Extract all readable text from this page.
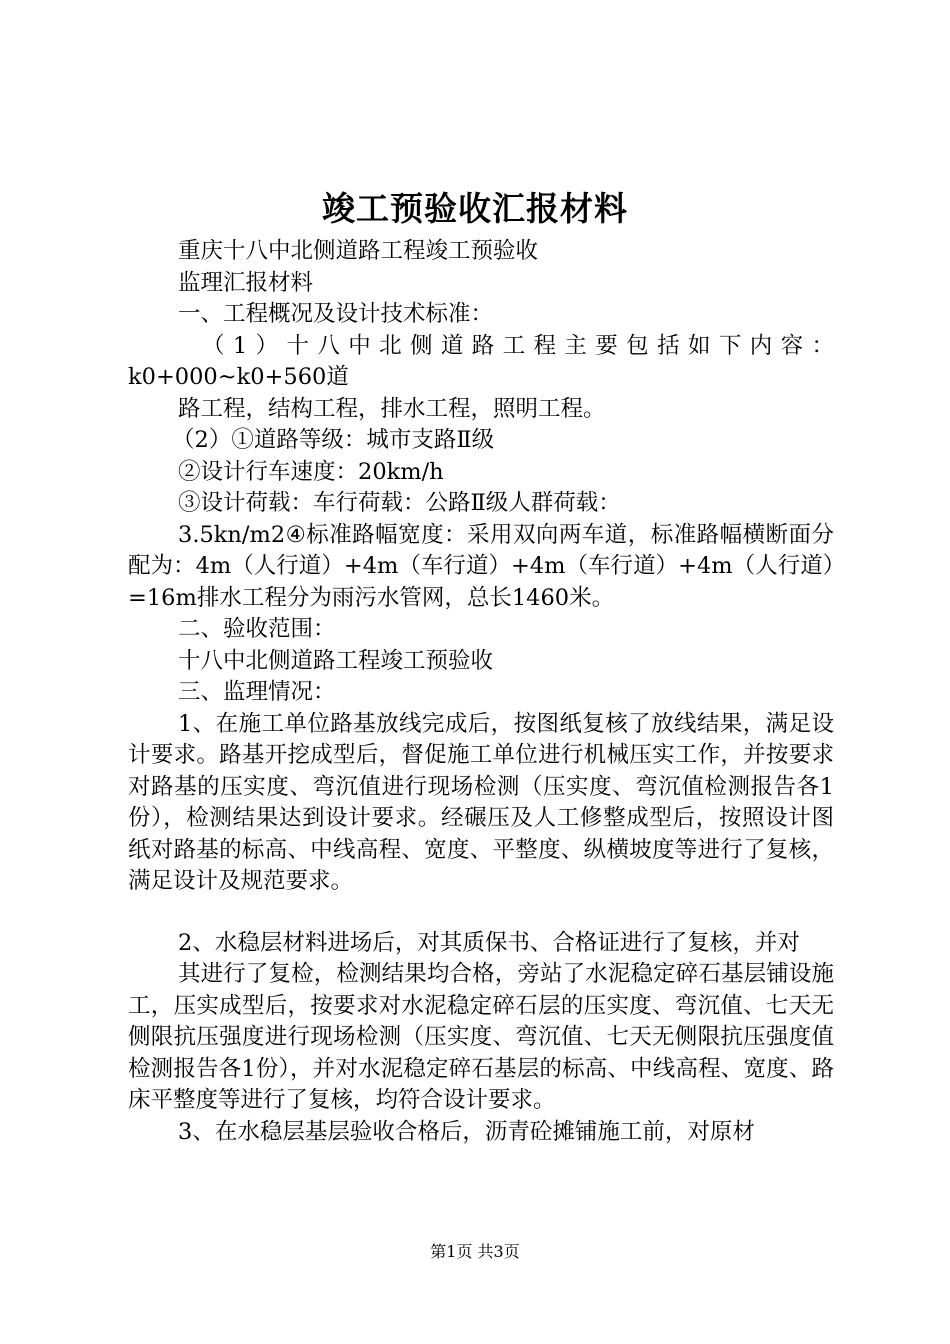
竣工预验收汇报材料

重庆十八中北侧道路工程竣工预验收

监理汇报材料

一、工程概况及设计技术标准：

（1）十八中北侧道路工程主要包括如下内容：

k0+000~k0+560道

路工程，结构工程，排水工程，照明工程。

（2）①道路等级：城市支路Ⅱ级

②设计行车速度：20km/h

③设计荷载：车行荷载：公路Ⅱ级人群荷载：

3.5kn/m2④标准路幅宽度：采用双向两车道，标准路幅横断面分配为：4m（人行道）+4m（车行道）+4m（车行道）+4m（人行道）=16m排水工程分为雨污水管网，总长1460米。

二、验收范围：

十八中北侧道路工程竣工预验收

三、监理情况：

1、在施工单位路基放线完成后，按图纸复核了放线结果，满足设计要求。路基开挖成型后，督促施工单位进行机械压实工作，并按要求对路基的压实度、弯沉值进行现场检测（压实度、弯沉值检测报告各1份），检测结果达到设计要求。经碾压及人工修整成型后，按照设计图纸对路基的标高、中线高程、宽度、平整度、纵横坡度等进行了复核，满足设计及规范要求。

2、水稳层材料进场后，对其质保书、合格证进行了复核，并对

其进行了复检，检测结果均合格，旁站了水泥稳定碎石基层铺设施工，压实成型后，按要求对水泥稳定碎石层的压实度、弯沉值、七天无侧限抗压强度进行现场检测（压实度、弯沉值、七天无侧限抗压强度值检测报告各1份），并对水泥稳定碎石基层的标高、中线高程、宽度、路床平整度等进行了复核，均符合设计要求。

3、在水稳层基层验收合格后，沥青砼摊铺施工前，对原材

第1页 共3页
